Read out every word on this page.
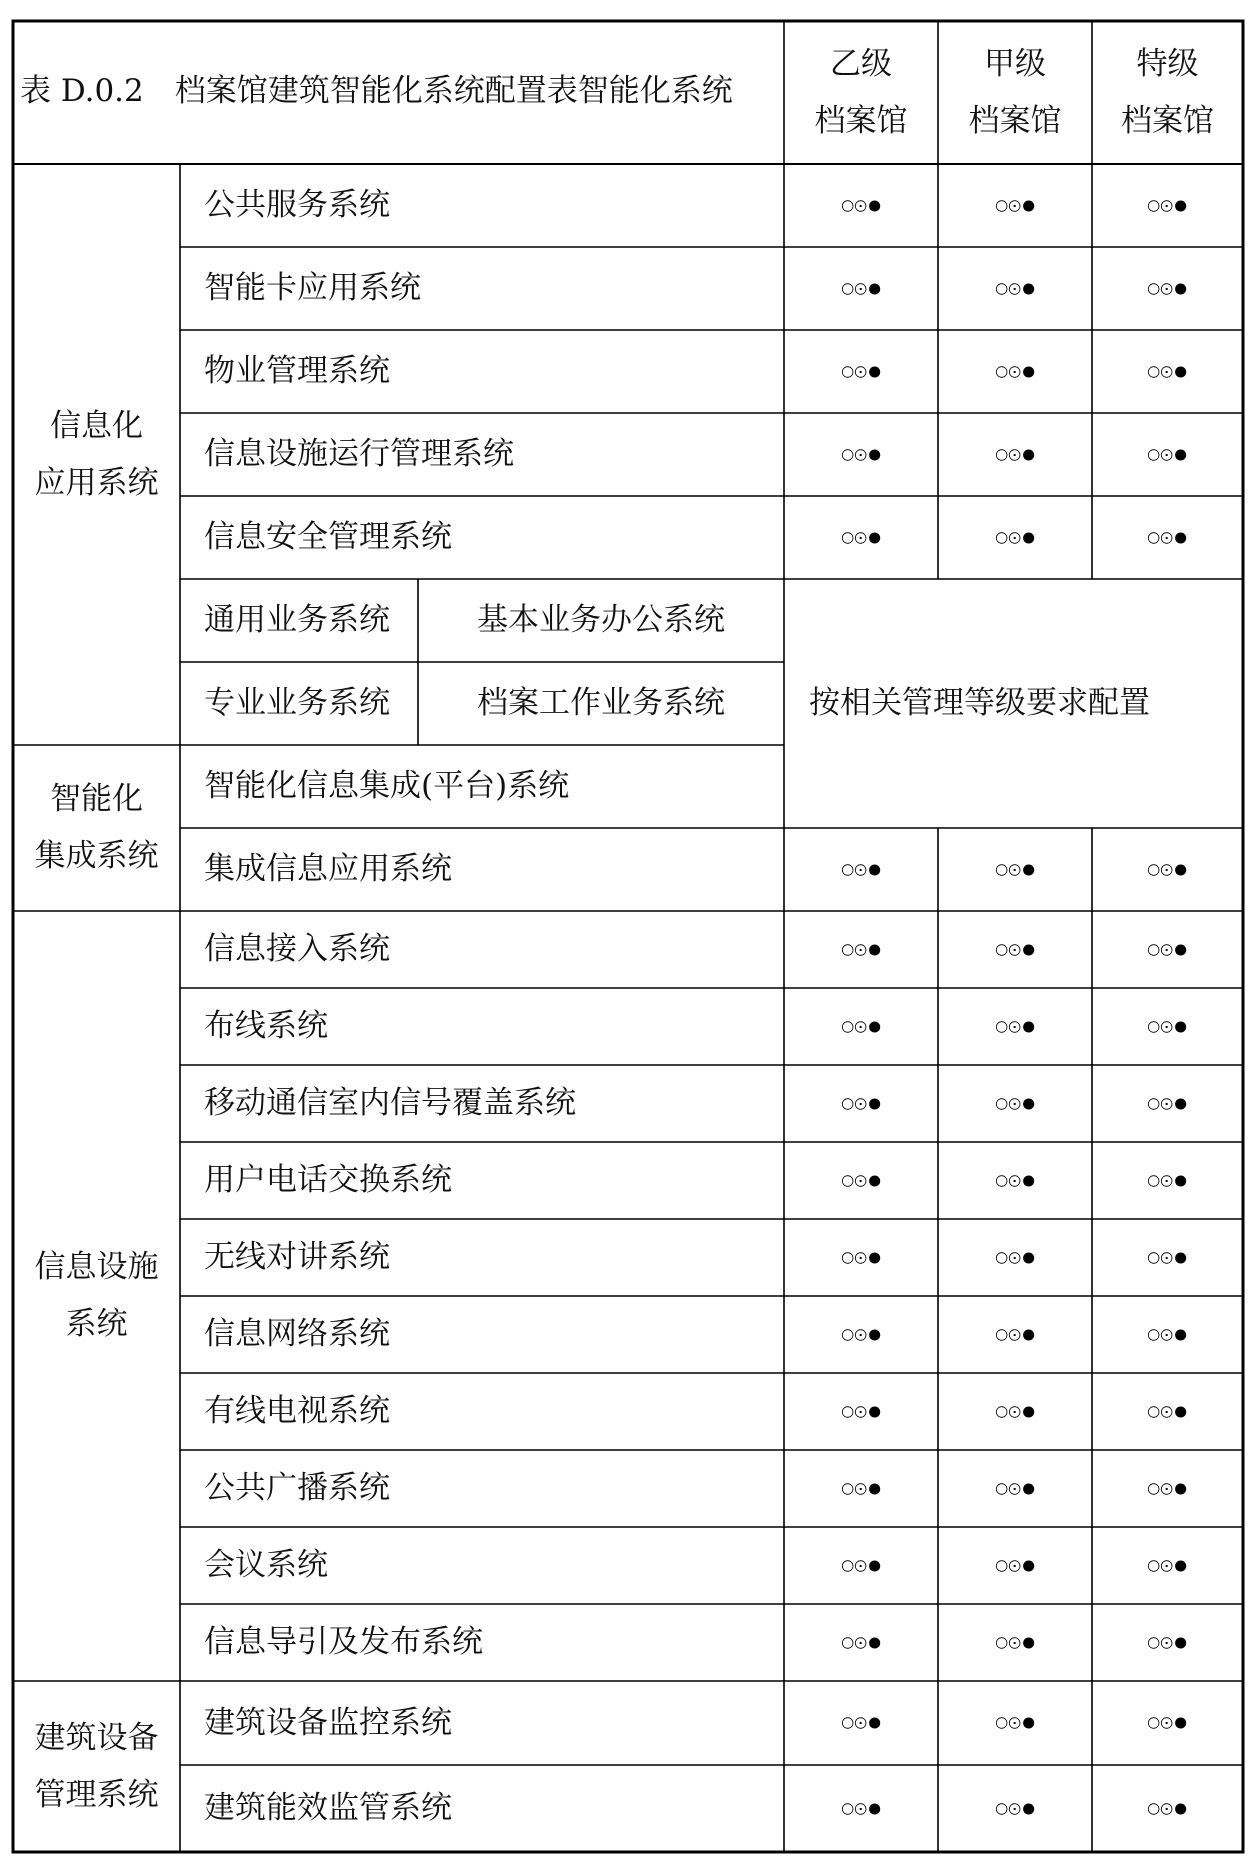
表 D.0.2　档案馆建筑智能化系统配置表智能化系统
乙级
档案馆
甲级
档案馆
特级
档案馆
信息化
应用系统
智能化
集成系统
信息设施
系统
建筑设备
管理系统
按相关管理等级要求配置
公共服务系统
智能卡应用系统
物业管理系统
信息设施运行管理系统
信息安全管理系统
通用业务系统	基本业务办公系统
专业业务系统	档案工作业务系统
智能化信息集成(平台)系统
集成信息应用系统
信息接入系统
布线系统
移动通信室内信号覆盖系统
用户电话交换系统
无线对讲系统
信息网络系统
有线电视系统
公共广播系统
会议系统
信息导引及发布系统
建筑设备监控系统
建筑能效监管系统
